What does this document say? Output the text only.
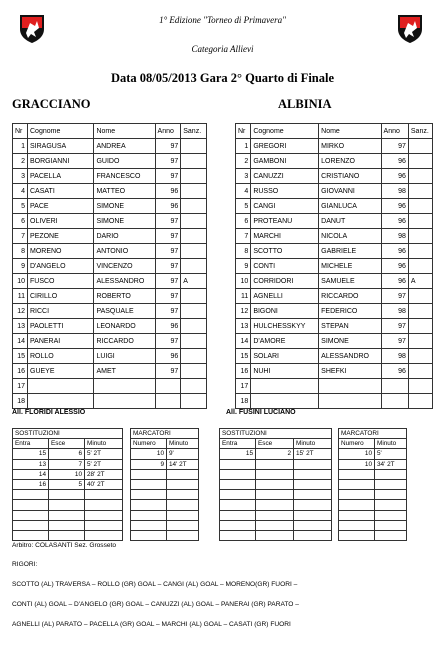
1° Edizione "Torneo di Primavera"
Categoria Allievi
Data 08/05/2013 Gara 2° Quarto di Finale
GRACCIANO	ALBINIA
Nr	Cognome	Nome	Anno	Sanz.
1	SIRAGUSA	ANDREA	97	
2	BORGIANNI	GUIDO	97	
3	PACELLA	FRANCESCO	97	
4	CASATI	MATTEO	96	
5	PACE	SIMONE	96	
6	OLIVERI	SIMONE	97	
7	PEZONE	DARIO	97	
8	MORENO	ANTONIO	97	
9	D'ANGELO	VINCENZO	97	
10	FUSCO	ALESSANDRO	97	A
11	CIRILLO	ROBERTO	97	
12	RICCI	PASQUALE	97	
13	PAOLETTI	LEONARDO	96	
14	PANERAI	RICCARDO	97	
15	ROLLO	LUIGI	96	
16	GUEYE	AMET	97	
17				
18				
Nr	Cognome	Nome	Anno	Sanz.
1	GREGORI	MIRKO	97	
2	GAMBONI	LORENZO	96	
3	CANUZZI	CRISTIANO	96	
4	RUSSO	GIOVANNI	98	
5	CANGI	GIANLUCA	96	
6	PROTEANU	DANUT	96	
7	MARCHI	NICOLA	98	
8	SCOTTO	GABRIELE	96	
9	CONTI	MICHELE	96	
10	CORRIDORI	SAMUELE	96	A
11	AGNELLI	RICCARDO	97	
12	BIGONI	FEDERICO	98	
13	HULCHESSKYY	STEPAN	97	
14	D'AMORE	SIMONE	97	
15	SOLARI	ALESSANDRO	98	
16	NUHI	SHEFKI	96	
17				
18				
All. FLORIDI ALESSIO	All. FUSINI LUCIANO
SOSTITUZIONI		
Entra	Esce	Minuto
15	6	5' 2T
13	7	5' 2T
14	10	28' 2T
16	5	40' 2T

MARCATORI	
Numero	Minuto
10	9'
9	14' 2T

SOSTITUZIONI		
Entra	Esce	Minuto
15	2	15' 2T

MARCATORI	
Numero	Minuto
10	5'
10	34' 2T

Arbitro: COLASANTI Sez. Grosseto
RIGORI:
SCOTTO (AL) TRAVERSA – ROLLO (GR) GOAL – CANGI (AL) GOAL – MORENO(GR) FUORI –
CONTI (AL) GOAL – D'ANGELO (GR) GOAL – CANUZZI (AL) GOAL – PANERAI (GR) PARATO –
AGNELLI (AL) PARATO – PACELLA (GR) GOAL – MARCHI (AL) GOAL – CASATI (GR) FUORI
